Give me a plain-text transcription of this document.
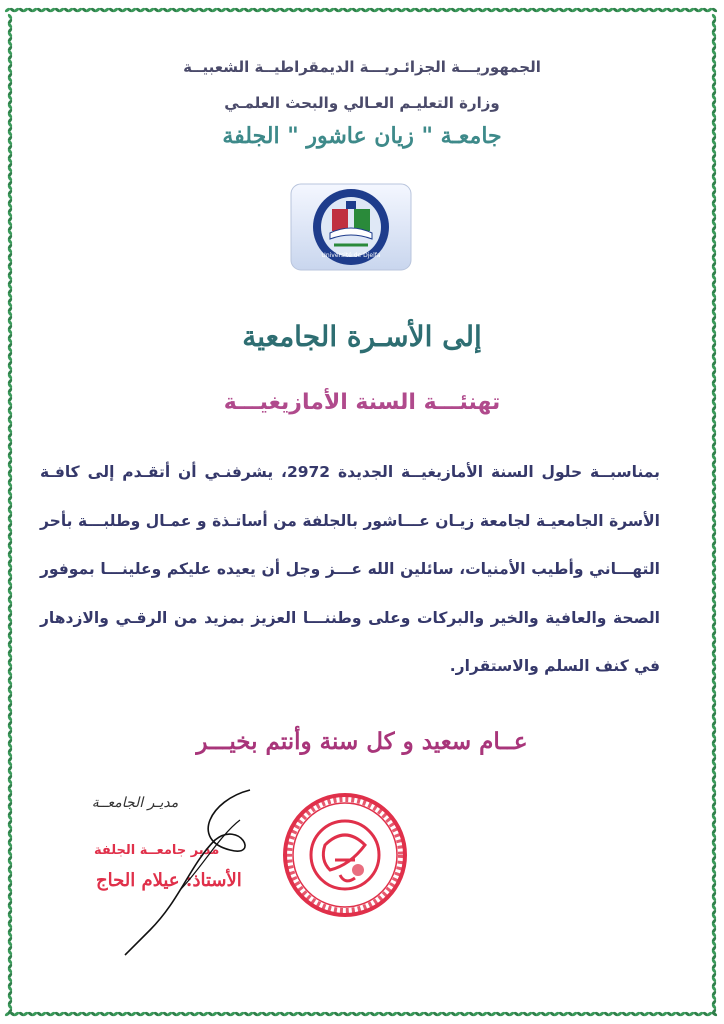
الجمهوريـــة الجزائـريـــة الديمقراطيــة الشعبيــة
وزارة التعليـم العـالي والبحث العلمـي
جامعـة " زيان عاشور " الجلفة
Université de Djelfa
إلى الأسـرة الجامعية
تهنئـــة السنة الأمازيغيـــة
بمناسبــة حلول السنة الأمازيغيــة الجديدة 2972، يشرفنـي أن أتقـدم إلى كافـة الأسرة الجامعيـة لجامعة زيـان عـــاشور بالجلفة من أساتـذة و عمـال وطلبـــة بأحر التهـــاني وأطيب الأمنيات، سائلين الله عـــز وجل أن يعيده عليكم وعلينـــا بموفور الصحة والعافية والخير والبركات وعلى وطننـــا العزيز بمزيد من الرقـي والازدهار في كنف السلم والاستقرار.
عــام سعيد و كل سنة وأنتم بخيـــر
مديـر الجامعــة
مدير جامعــة الجلفة
الأستاذ: عيلام الحاج
